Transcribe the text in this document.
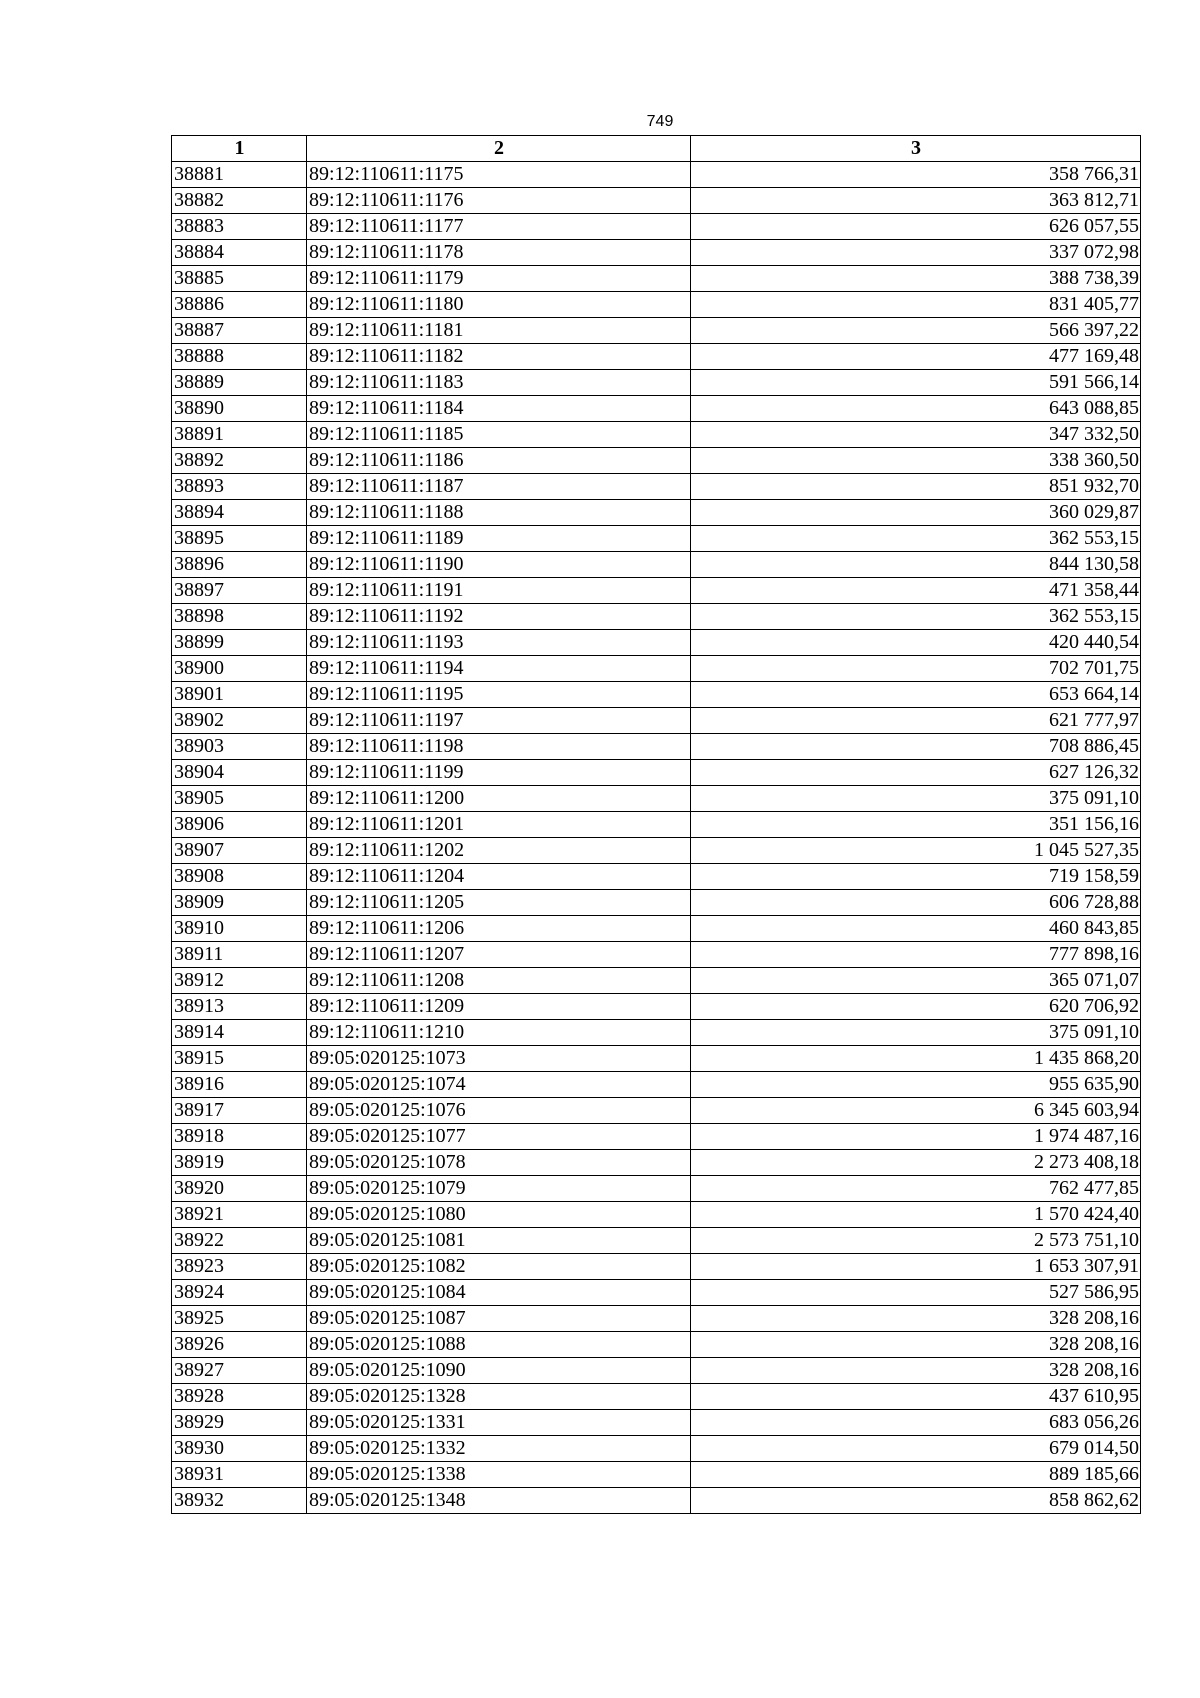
749
1	2	3
38881	89:12:110611:1175	358 766,31
38882	89:12:110611:1176	363 812,71
38883	89:12:110611:1177	626 057,55
38884	89:12:110611:1178	337 072,98
38885	89:12:110611:1179	388 738,39
38886	89:12:110611:1180	831 405,77
38887	89:12:110611:1181	566 397,22
38888	89:12:110611:1182	477 169,48
38889	89:12:110611:1183	591 566,14
38890	89:12:110611:1184	643 088,85
38891	89:12:110611:1185	347 332,50
38892	89:12:110611:1186	338 360,50
38893	89:12:110611:1187	851 932,70
38894	89:12:110611:1188	360 029,87
38895	89:12:110611:1189	362 553,15
38896	89:12:110611:1190	844 130,58
38897	89:12:110611:1191	471 358,44
38898	89:12:110611:1192	362 553,15
38899	89:12:110611:1193	420 440,54
38900	89:12:110611:1194	702 701,75
38901	89:12:110611:1195	653 664,14
38902	89:12:110611:1197	621 777,97
38903	89:12:110611:1198	708 886,45
38904	89:12:110611:1199	627 126,32
38905	89:12:110611:1200	375 091,10
38906	89:12:110611:1201	351 156,16
38907	89:12:110611:1202	1 045 527,35
38908	89:12:110611:1204	719 158,59
38909	89:12:110611:1205	606 728,88
38910	89:12:110611:1206	460 843,85
38911	89:12:110611:1207	777 898,16
38912	89:12:110611:1208	365 071,07
38913	89:12:110611:1209	620 706,92
38914	89:12:110611:1210	375 091,10
38915	89:05:020125:1073	1 435 868,20
38916	89:05:020125:1074	955 635,90
38917	89:05:020125:1076	6 345 603,94
38918	89:05:020125:1077	1 974 487,16
38919	89:05:020125:1078	2 273 408,18
38920	89:05:020125:1079	762 477,85
38921	89:05:020125:1080	1 570 424,40
38922	89:05:020125:1081	2 573 751,10
38923	89:05:020125:1082	1 653 307,91
38924	89:05:020125:1084	527 586,95
38925	89:05:020125:1087	328 208,16
38926	89:05:020125:1088	328 208,16
38927	89:05:020125:1090	328 208,16
38928	89:05:020125:1328	437 610,95
38929	89:05:020125:1331	683 056,26
38930	89:05:020125:1332	679 014,50
38931	89:05:020125:1338	889 185,66
38932	89:05:020125:1348	858 862,62
